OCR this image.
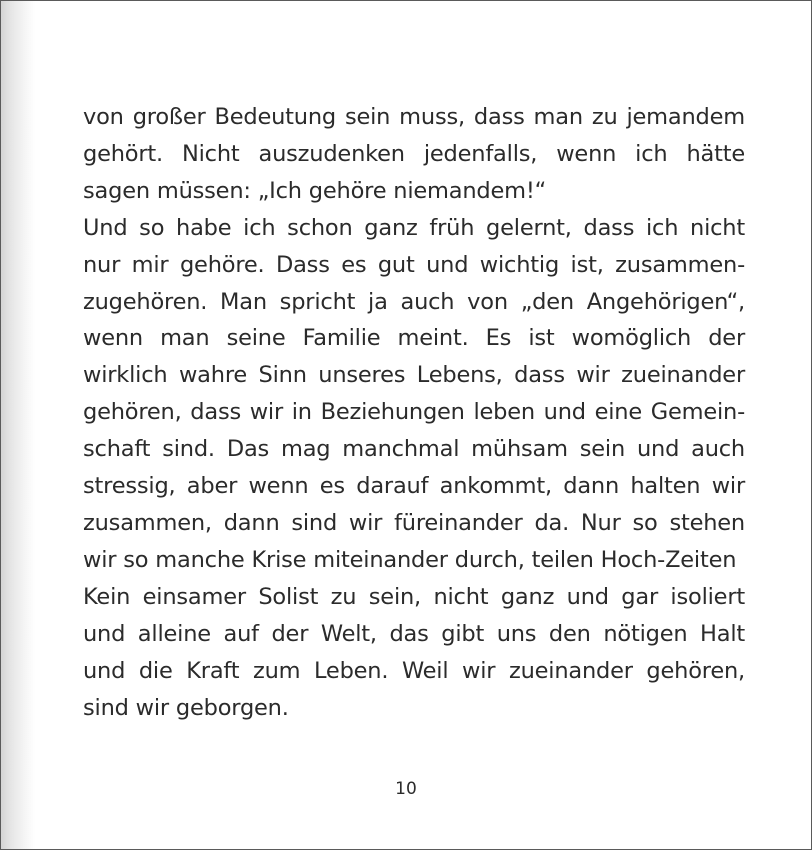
von großer Bedeutung sein muss, dass man zu jemandem
gehört. Nicht auszudenken jedenfalls, wenn ich hätte
sagen müssen: „Ich gehöre niemandem!“

Und so habe ich schon ganz früh gelernt, dass ich nicht
nur mir gehöre. Dass es gut und wichtig ist, zusammen-
zugehören. Man spricht ja auch von „den Angehörigen“,
wenn man seine Familie meint. Es ist womöglich der
wirklich wahre Sinn unseres Lebens, dass wir zueinander
gehören, dass wir in Beziehungen leben und eine Gemein-
schaft sind. Das mag manchmal mühsam sein und auch
stressig, aber wenn es darauf ankommt, dann halten wir
zusammen, dann sind wir füreinander da. Nur so stehen
wir so manche Krise miteinander durch, teilen Hoch-Zeiten

Kein einsamer Solist zu sein, nicht ganz und gar isoliert
und alleine auf der Welt, das gibt uns den nötigen Halt
und die Kraft zum Leben. Weil wir zueinander gehören,
sind wir geborgen.

10
